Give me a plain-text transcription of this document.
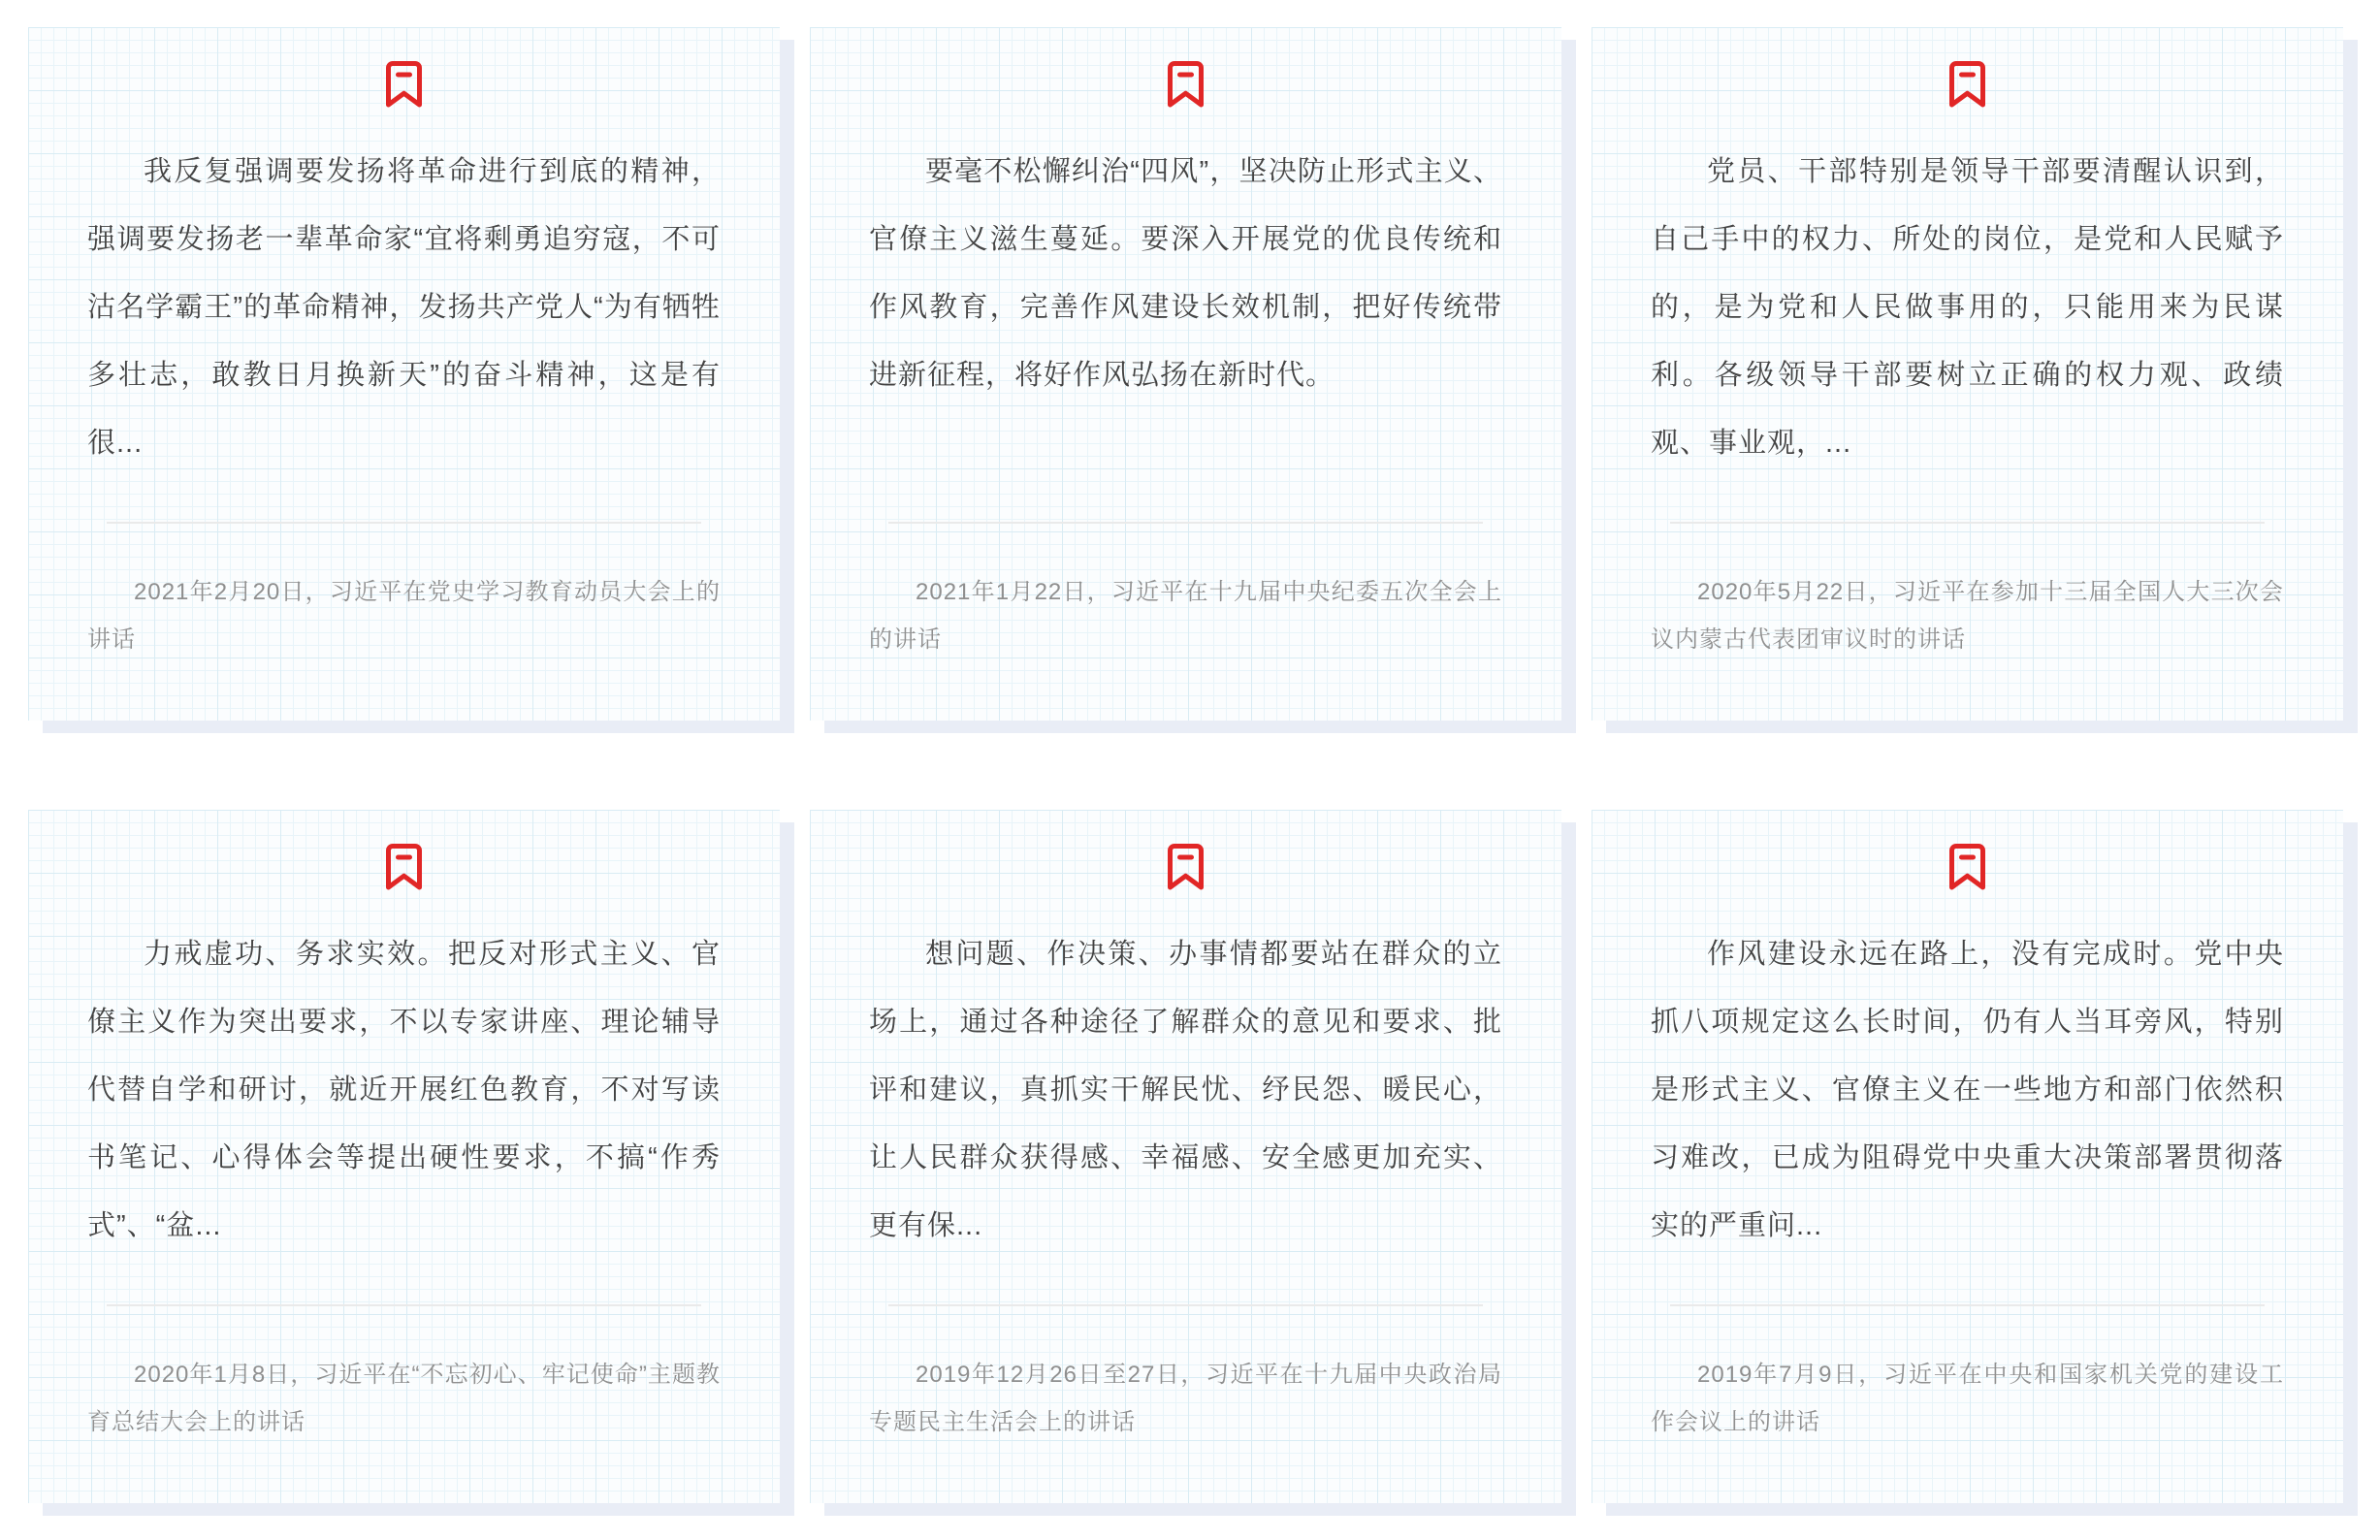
我反复强调要发扬将革命进行到底的精神，强调要发扬老一辈革命家“宜将剩勇追穷寇，不可沽名学霸王”的革命精神，发扬共产党人“为有牺牲多壮志，敢教日月换新天”的奋斗精神，这是有很...

2021年2月20日，习近平在党史学习教育动员大会上的讲话

要毫不松懈纠治“四风”，坚决防止形式主义、官僚主义滋生蔓延。要深入开展党的优良传统和作风教育，完善作风建设长效机制，把好传统带进新征程，将好作风弘扬在新时代。

2021年1月22日，习近平在十九届中央纪委五次全会上的讲话

党员、干部特别是领导干部要清醒认识到，自己手中的权力、所处的岗位，是党和人民赋予的，是为党和人民做事用的，只能用来为民谋利。各级领导干部要树立正确的权力观、政绩观、事业观，...

2020年5月22日，习近平在参加十三届全国人大三次会议内蒙古代表团审议时的讲话

力戒虚功、务求实效。把反对形式主义、官僚主义作为突出要求，不以专家讲座、理论辅导代替自学和研讨，就近开展红色教育，不对写读书笔记、心得体会等提出硬性要求，不搞“作秀式”、“盆...

2020年1月8日，习近平在“不忘初心、牢记使命”主题教育总结大会上的讲话

想问题、作决策、办事情都要站在群众的立场上，通过各种途径了解群众的意见和要求、批评和建议，真抓实干解民忧、纾民怨、暖民心，让人民群众获得感、幸福感、安全感更加充实、更有保...

2019年12月26日至27日，习近平在十九届中央政治局专题民主生活会上的讲话

作风建设永远在路上，没有完成时。党中央抓八项规定这么长时间，仍有人当耳旁风，特别是形式主义、官僚主义在一些地方和部门依然积习难改，已成为阻碍党中央重大决策部署贯彻落实的严重问...

2019年7月9日，习近平在中央和国家机关党的建设工作会议上的讲话
